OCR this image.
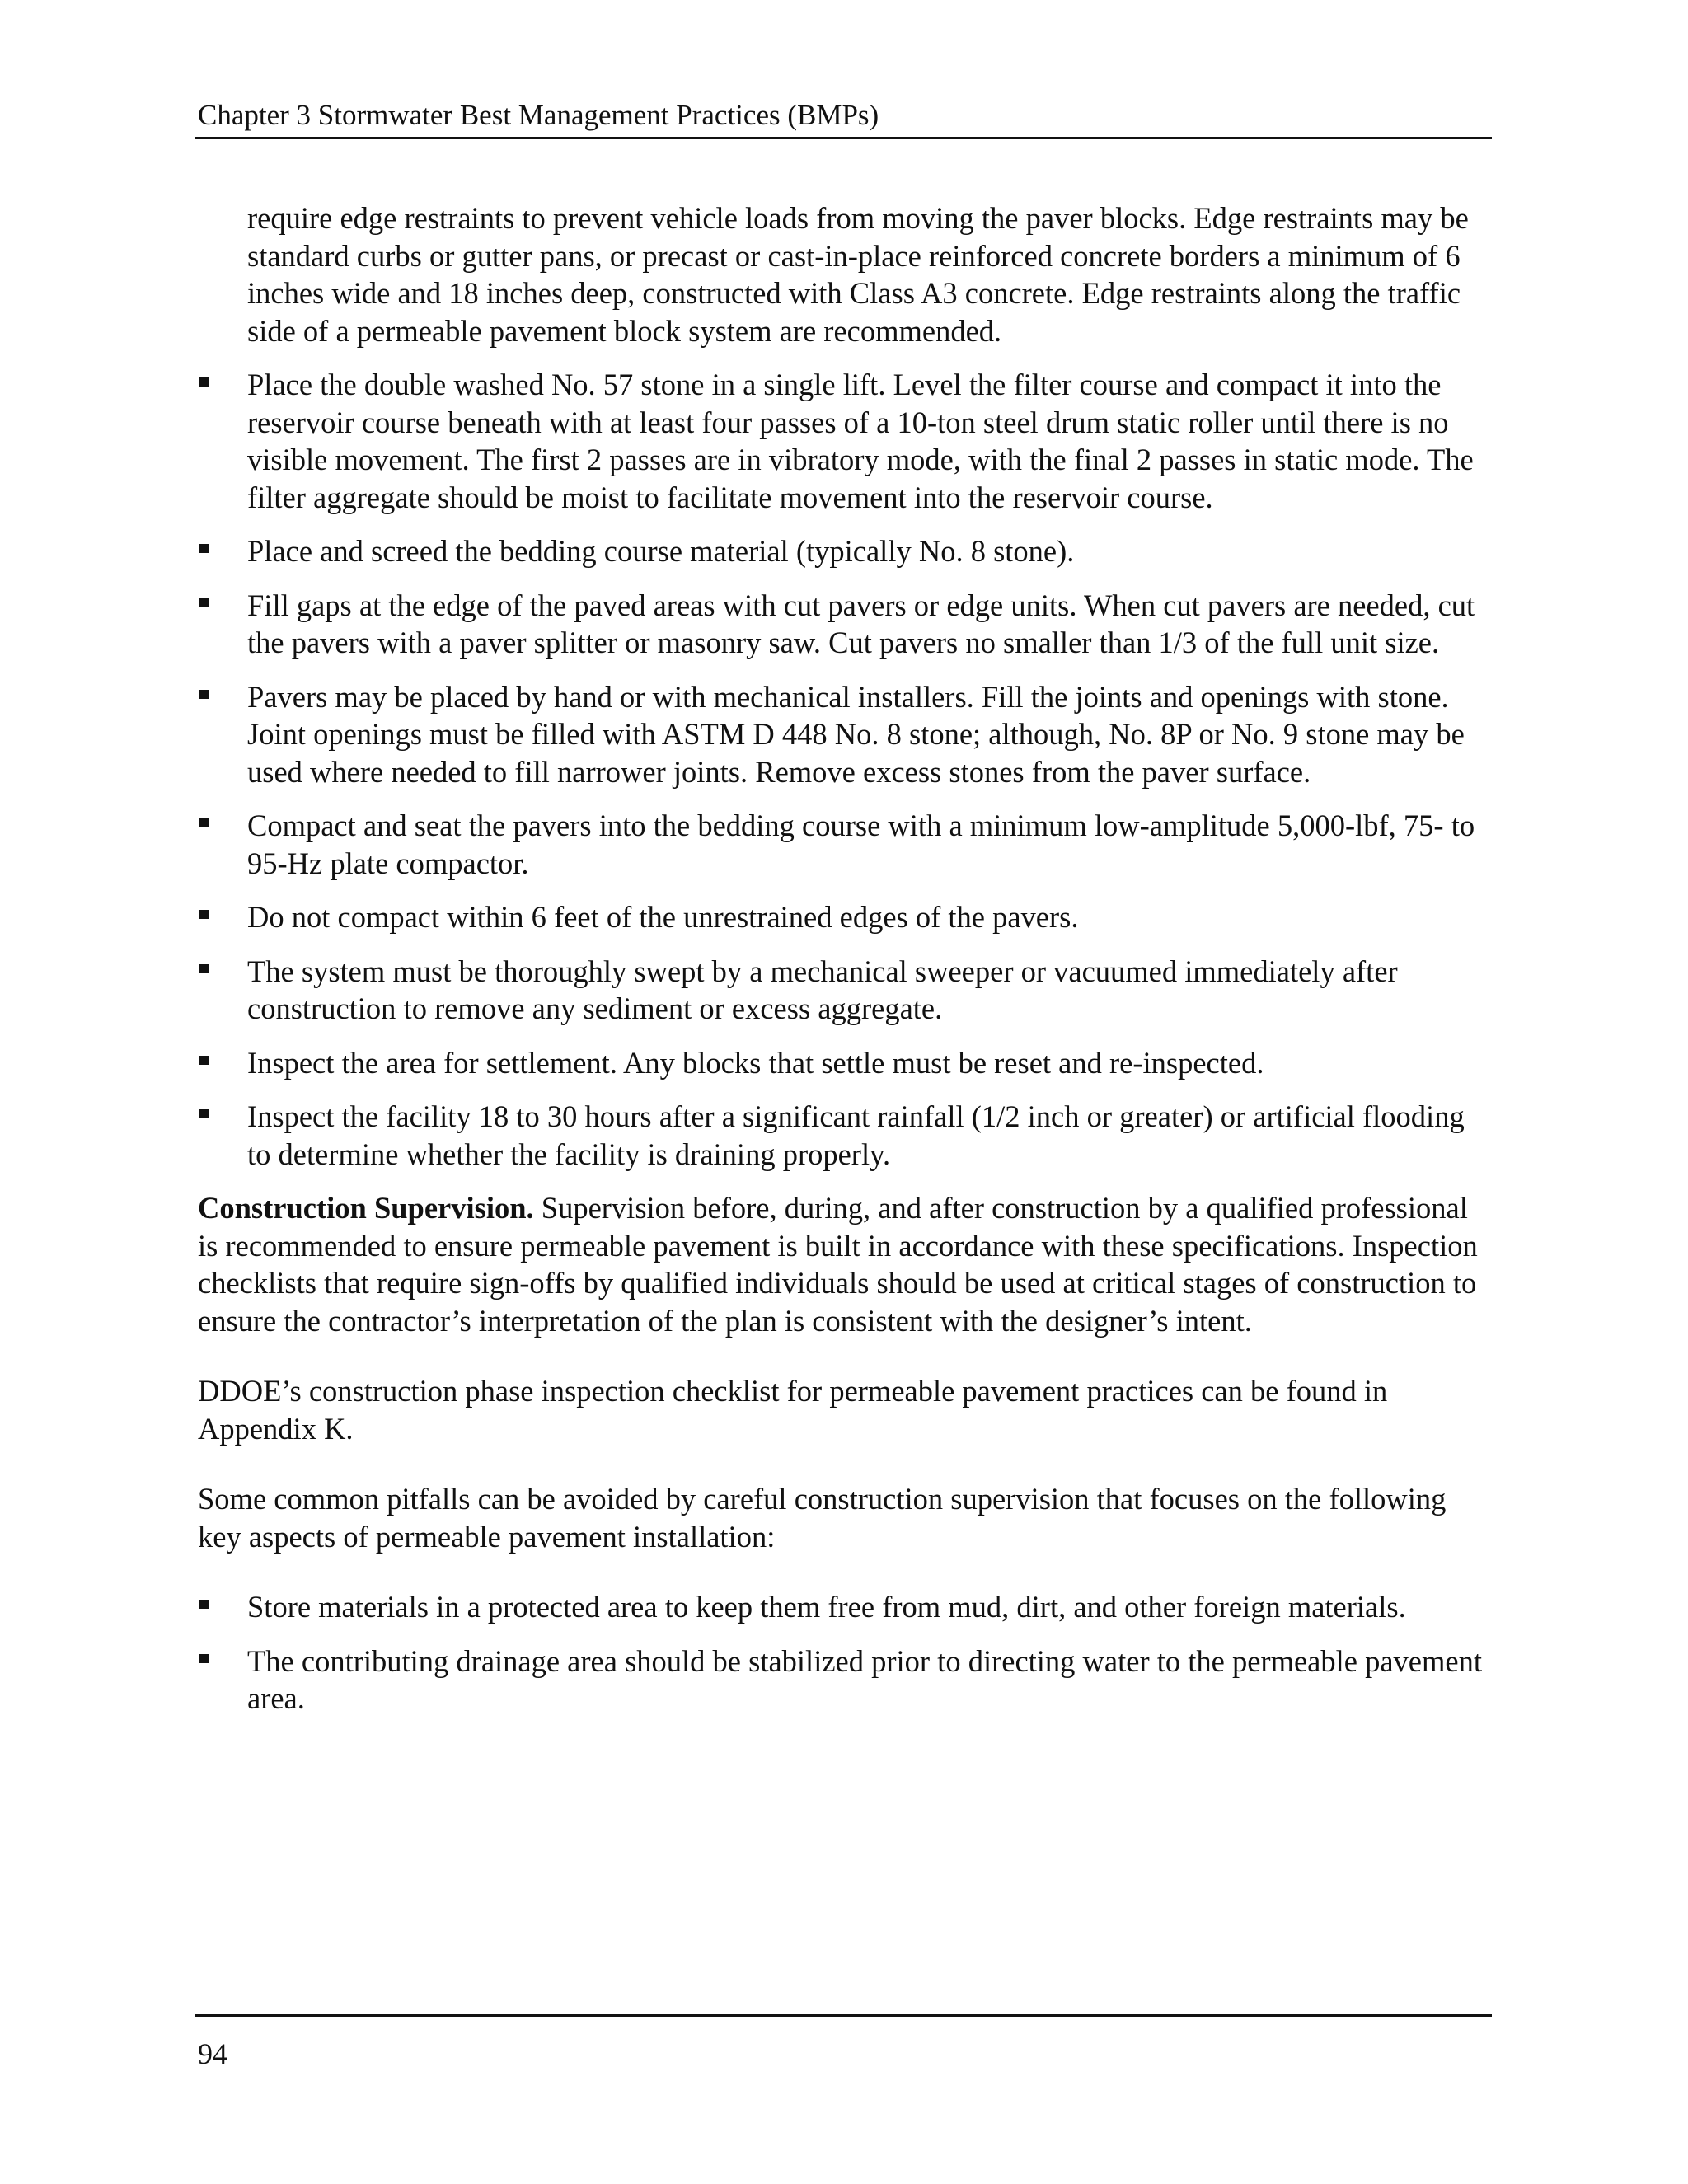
Chapter 3 Stormwater Best Management Practices (BMPs)
require edge restraints to prevent vehicle loads from moving the paver blocks. Edge restraints may be standard curbs or gutter pans, or precast or cast-in-place reinforced concrete borders a minimum of 6 inches wide and 18 inches deep, constructed with Class A3 concrete. Edge restraints along the traffic side of a permeable pavement block system are recommended.
Place the double washed No. 57 stone in a single lift. Level the filter course and compact it into the reservoir course beneath with at least four passes of a 10-ton steel drum static roller until there is no visible movement. The first 2 passes are in vibratory mode, with the final 2 passes in static mode. The filter aggregate should be moist to facilitate movement into the reservoir course.
Place and screed the bedding course material (typically No. 8 stone).
Fill gaps at the edge of the paved areas with cut pavers or edge units. When cut pavers are needed, cut the pavers with a paver splitter or masonry saw. Cut pavers no smaller than 1/3 of the full unit size.
Pavers may be placed by hand or with mechanical installers. Fill the joints and openings with stone. Joint openings must be filled with ASTM D 448 No. 8 stone; although, No. 8P or No. 9 stone may be used where needed to fill narrower joints. Remove excess stones from the paver surface.
Compact and seat the pavers into the bedding course with a minimum low-amplitude 5,000-lbf, 75- to 95-Hz plate compactor.
Do not compact within 6 feet of the unrestrained edges of the pavers.
The system must be thoroughly swept by a mechanical sweeper or vacuumed immediately after construction to remove any sediment or excess aggregate.
Inspect the area for settlement. Any blocks that settle must be reset and re-inspected.
Inspect the facility 18 to 30 hours after a significant rainfall (1/2 inch or greater) or artificial flooding to determine whether the facility is draining properly.

Construction Supervision. Supervision before, during, and after construction by a qualified professional is recommended to ensure permeable pavement is built in accordance with these specifications. Inspection checklists that require sign-offs by qualified individuals should be used at critical stages of construction to ensure the contractor’s interpretation of the plan is consistent with the designer’s intent.

DDOE’s construction phase inspection checklist for permeable pavement practices can be found in Appendix K.

Some common pitfalls can be avoided by careful construction supervision that focuses on the following key aspects of permeable pavement installation:

Store materials in a protected area to keep them free from mud, dirt, and other foreign materials.
The contributing drainage area should be stabilized prior to directing water to the permeable pavement area.
94
